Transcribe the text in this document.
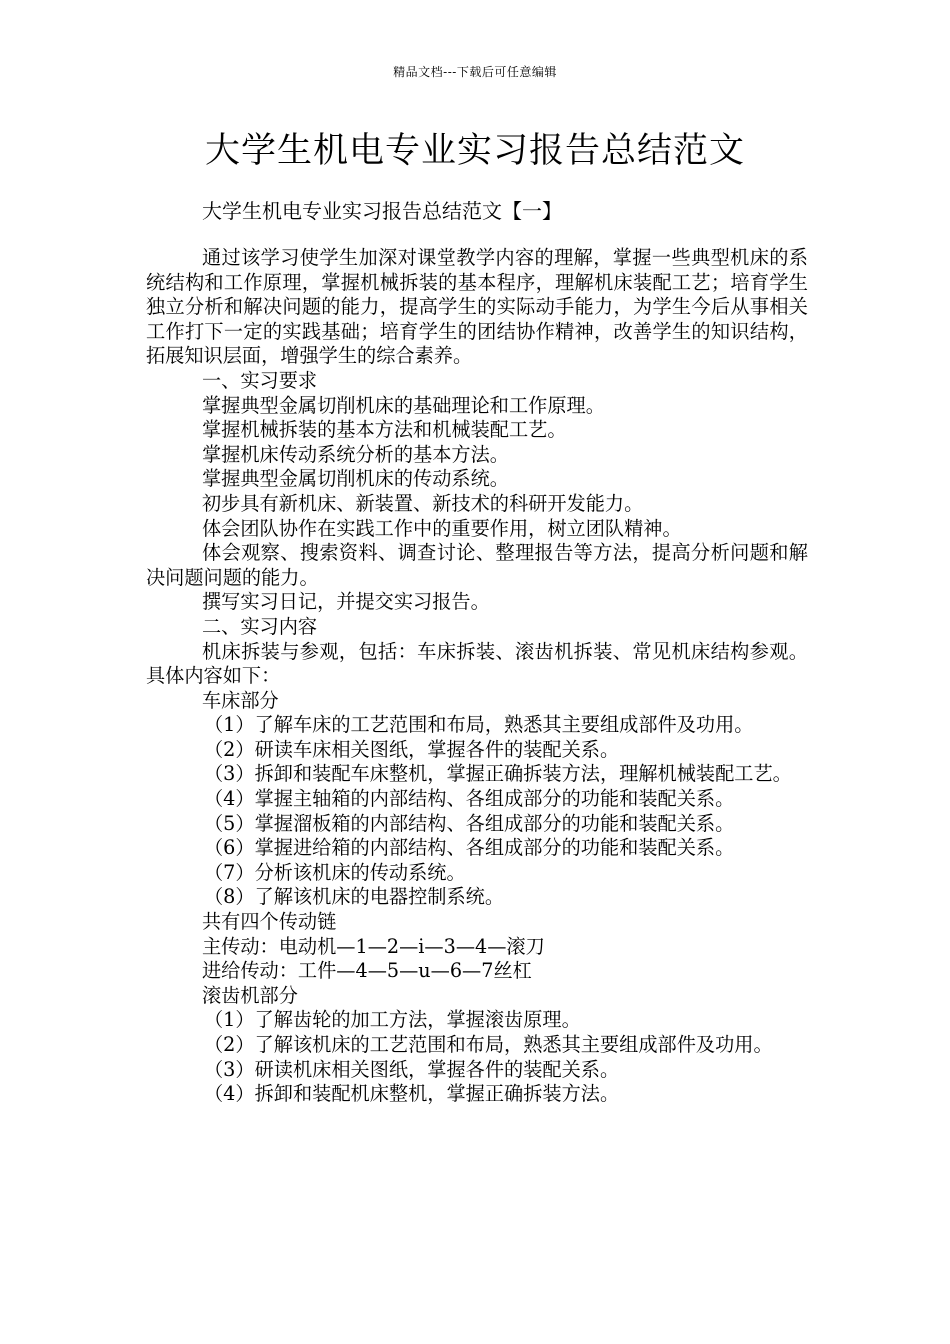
精品文档---下载后可任意编辑
大学生机电专业实习报告总结范文
大学生机电专业实习报告总结范文【一】

通过该学习使学生加深对课堂教学内容的理解，掌握一些典型机床的系统结构和工作原理，掌握机械拆装的基本程序，理解机床装配工艺；培育学生独立分析和解决问题的能力，提高学生的实际动手能力，为学生今后从事相关工作打下一定的实践基础；培育学生的团结协作精神，改善学生的知识结构，拓展知识层面，增强学生的综合素养。

一、实习要求

掌握典型金属切削机床的基础理论和工作原理。

掌握机械拆装的基本方法和机械装配工艺。

掌握机床传动系统分析的基本方法。

掌握典型金属切削机床的传动系统。

初步具有新机床、新装置、新技术的科研开发能力。

体会团队协作在实践工作中的重要作用，树立团队精神。

体会观察、搜索资料、调查讨论、整理报告等方法，提高分析问题和解决问题问题的能力。

撰写实习日记，并提交实习报告。

二、实习内容

机床拆装与参观，包括：车床拆装、滚齿机拆装、常见机床结构参观。具体内容如下：

车床部分

（1）了解车床的工艺范围和布局，熟悉其主要组成部件及功用。

（2）研读车床相关图纸，掌握各件的装配关系。

（3）拆卸和装配车床整机，掌握正确拆装方法，理解机械装配工艺。

（4）掌握主轴箱的内部结构、各组成部分的功能和装配关系。

（5）掌握溜板箱的内部结构、各组成部分的功能和装配关系。

（6）掌握进给箱的内部结构、各组成部分的功能和装配关系。

（7）分析该机床的传动系统。

（8）了解该机床的电器控制系统。

共有四个传动链

主传动：电动机—1—2—i—3—4—滚刀

进给传动：工件—4—5—u—6—7丝杠

滚齿机部分

（1）了解齿轮的加工方法，掌握滚齿原理。

（2）了解该机床的工艺范围和布局，熟悉其主要组成部件及功用。

（3）研读机床相关图纸，掌握各件的装配关系。

（4）拆卸和装配机床整机，掌握正确拆装方法。
